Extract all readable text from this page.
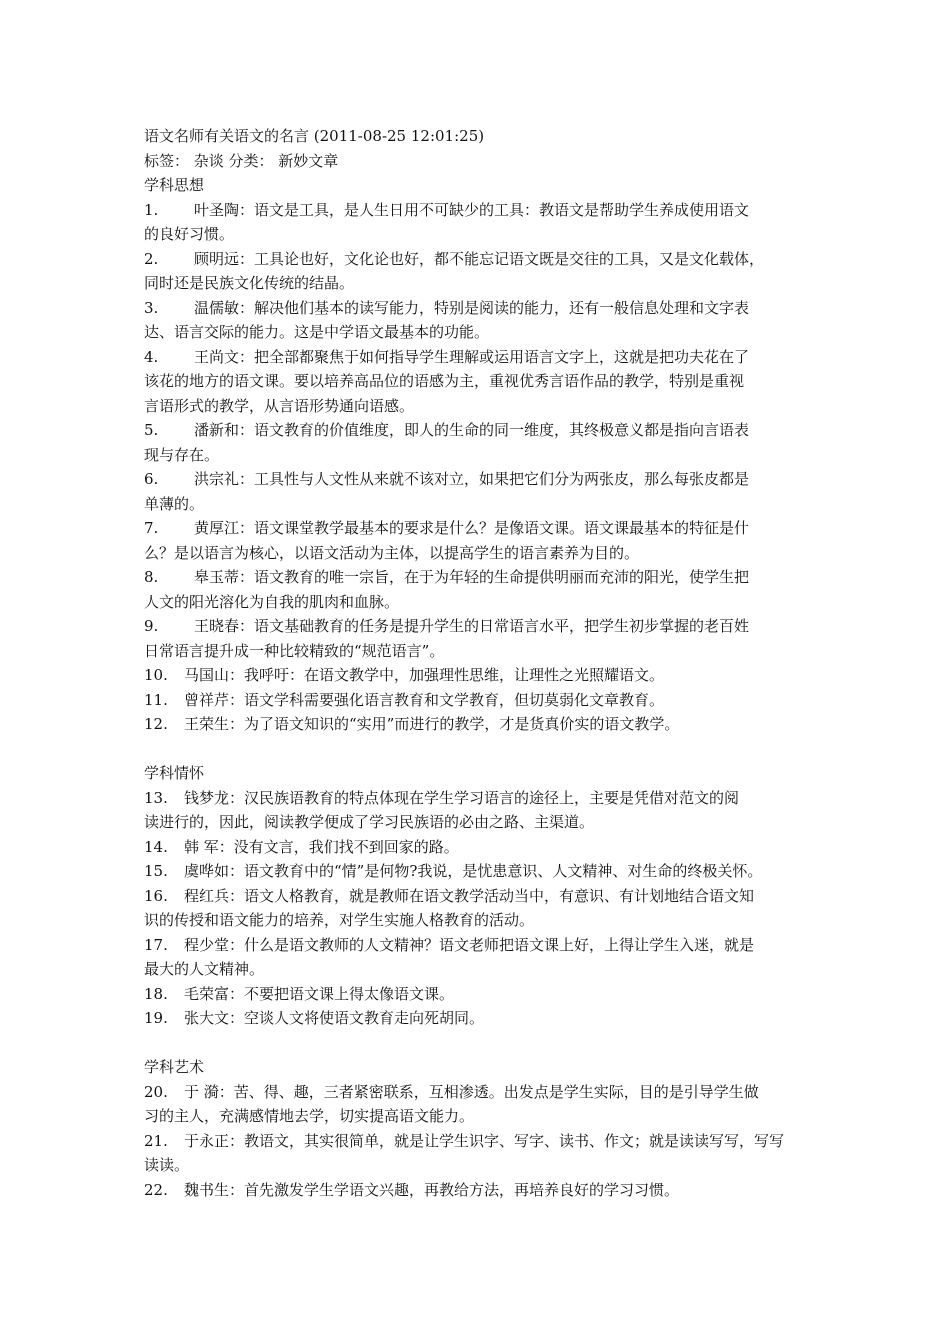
语文名师有关语文的名言 (2011-08-25 12:01:25)

标签： 杂谈 分类： 新妙文章

学科思想

1. 叶圣陶：语文是工具，是人生日用不可缺少的工具：教语文是帮助学生养成使用语文

的良好习惯。

2. 顾明远：工具论也好，文化论也好，都不能忘记语文既是交往的工具，又是文化载体，

同时还是民族文化传统的结晶。

3. 温儒敏：解决他们基本的读写能力，特别是阅读的能力，还有一般信息处理和文字表

达、语言交际的能力。这是中学语文最基本的功能。

4. 王尚文：把全部都聚焦于如何指导学生理解或运用语言文字上，这就是把功夫花在了

该花的地方的语文课。要以培养高品位的语感为主，重视优秀言语作品的教学，特别是重视

言语形式的教学，从言语形势通向语感。

5. 潘新和：语文教育的价值维度，即人的生命的同一维度，其终极意义都是指向言语表

现与存在。

6. 洪宗礼：工具性与人文性从来就不该对立，如果把它们分为两张皮，那么每张皮都是

单薄的。

7. 黄厚江：语文课堂教学最基本的要求是什么？是像语文课。语文课最基本的特征是什

么？是以语言为核心，以语文活动为主体，以提高学生的语言素养为目的。

8. 皋玉蒂：语文教育的唯一宗旨，在于为年轻的生命提供明丽而充沛的阳光，使学生把

人文的阳光溶化为自我的肌肉和血脉。

9. 王晓春：语文基础教育的任务是提升学生的日常语言水平，把学生初步掌握的老百姓

日常语言提升成一种比较精致的“规范语言”。

10. 马国山：我呼吁：在语文教学中，加强理性思维，让理性之光照耀语文。

11. 曾祥芹：语文学科需要强化语言教育和文学教育，但切莫弱化文章教育。

12. 王荣生：为了语文知识的“实用”而进行的教学，才是货真价实的语文教学。

学科情怀

13. 钱梦龙：汉民族语教育的特点体现在学生学习语言的途径上，主要是凭借对范文的阅

读进行的，因此，阅读教学便成了学习民族语的必由之路、主渠道。

14. 韩 军：没有文言，我们找不到回家的路。

15. 虞哗如：语文教育中的“情”是何物?我说，是忧患意识、人文精神、对生命的终极关怀。

16. 程红兵：语文人格教育，就是教师在语文教学活动当中，有意识、有计划地结合语文知

识的传授和语文能力的培养，对学生实施人格教育的活动。

17. 程少堂：什么是语文教师的人文精神？语文老师把语文课上好，上得让学生入迷，就是

最大的人文精神。

18. 毛荣富：不要把语文课上得太像语文课。

19. 张大文：空谈人文将使语文教育走向死胡同。

学科艺术

20. 于 漪：苦、得、趣，三者紧密联系，互相渗透。出发点是学生实际，目的是引导学生做

习的主人，充满感情地去学，切实提高语文能力。

21. 于永正：教语文，其实很简单，就是让学生识字、写字、读书、作文；就是读读写写，写写

读读。

22. 魏书生：首先激发学生学语文兴趣，再教给方法，再培养良好的学习习惯。
